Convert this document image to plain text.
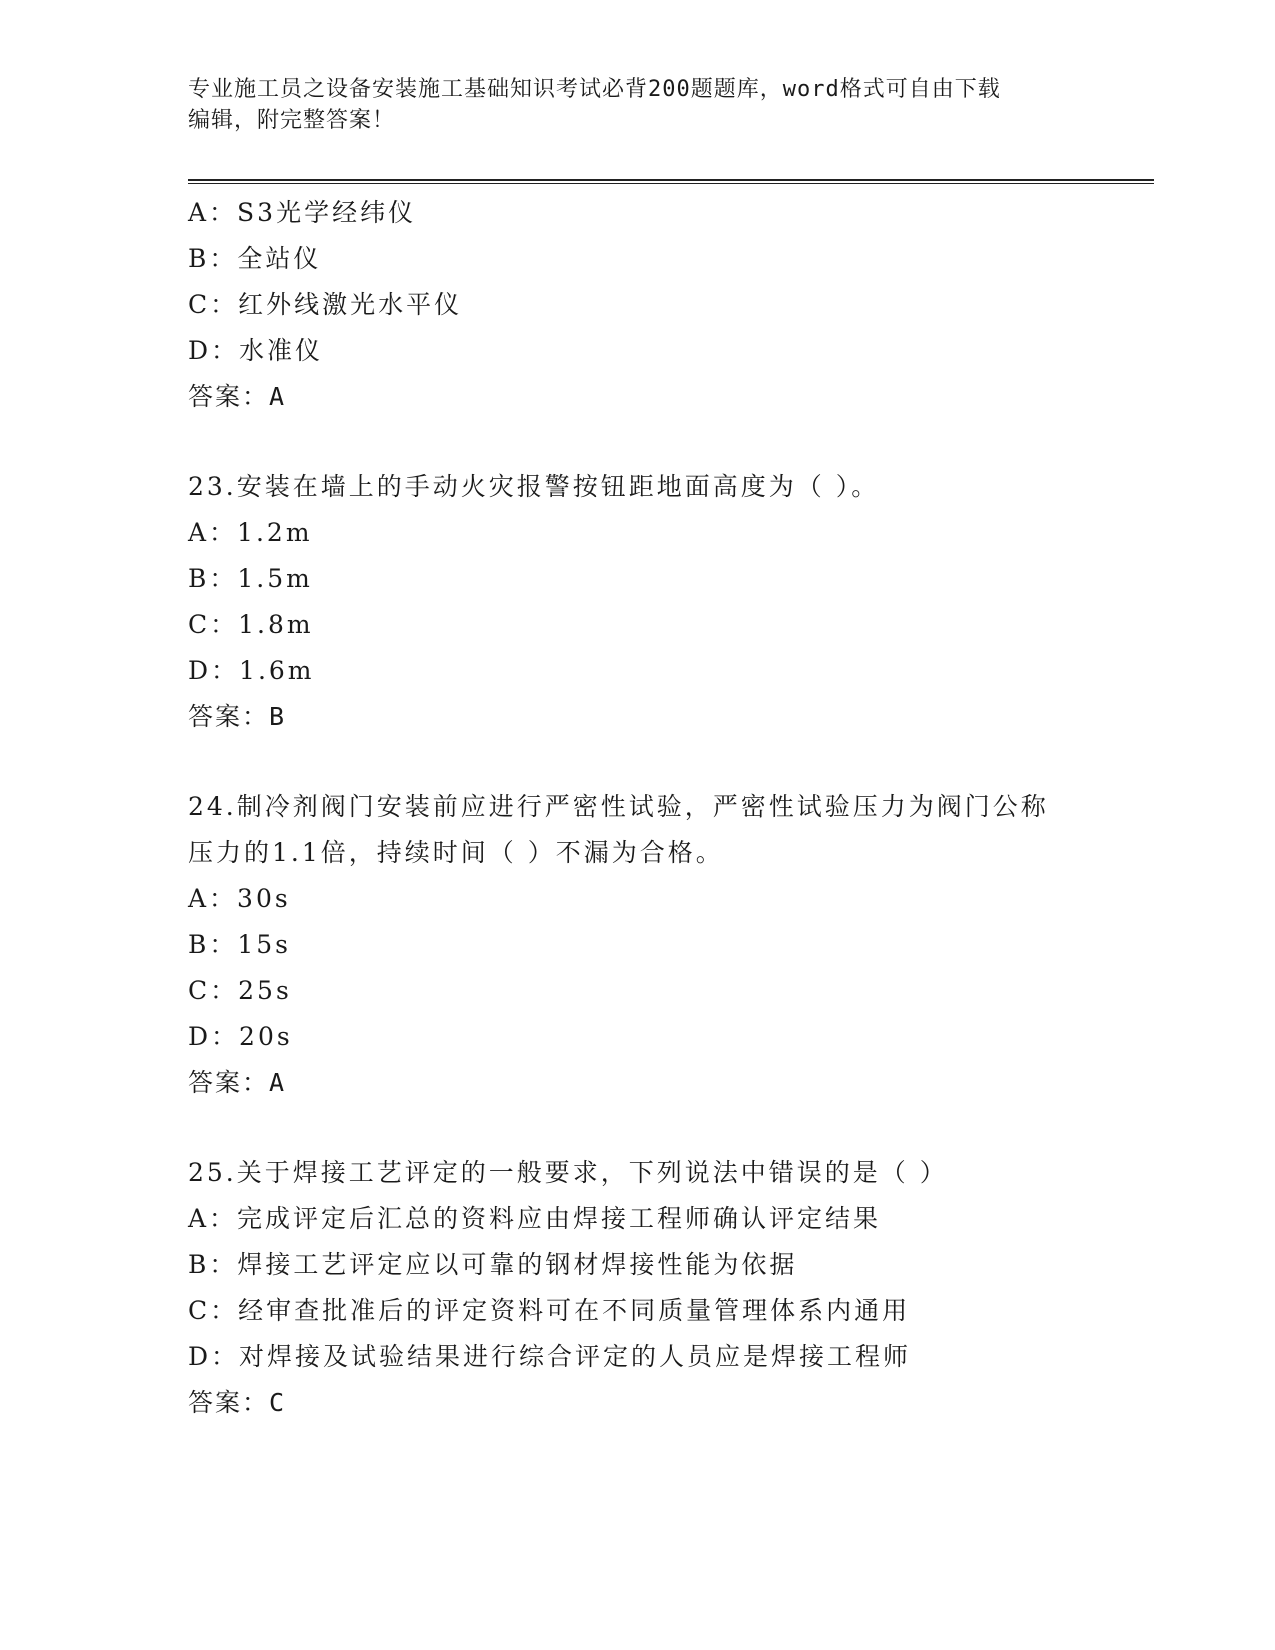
专业施工员之设备安装施工基础知识考试必背200题题库，word格式可自由下载
编辑，附完整答案！
A：S3光学经纬仪
B：全站仪
C：红外线激光水平仪
D：水准仪
答案：A
23.安装在墙上的手动火灾报警按钮距地面高度为（ ）。
A：1.2m
B：1.5m
C：1.8m
D：1.6m
答案：B
24.制冷剂阀门安装前应进行严密性试验，严密性试验压力为阀门公称
压力的1.1倍，持续时间（ ）不漏为合格。
A：30s
B：15s
C：25s
D：20s
答案：A
25.关于焊接工艺评定的一般要求，下列说法中错误的是（ ）
A：完成评定后汇总的资料应由焊接工程师确认评定结果
B：焊接工艺评定应以可靠的钢材焊接性能为依据
C：经审查批准后的评定资料可在不同质量管理体系内通用
D：对焊接及试验结果进行综合评定的人员应是焊接工程师
答案：C
